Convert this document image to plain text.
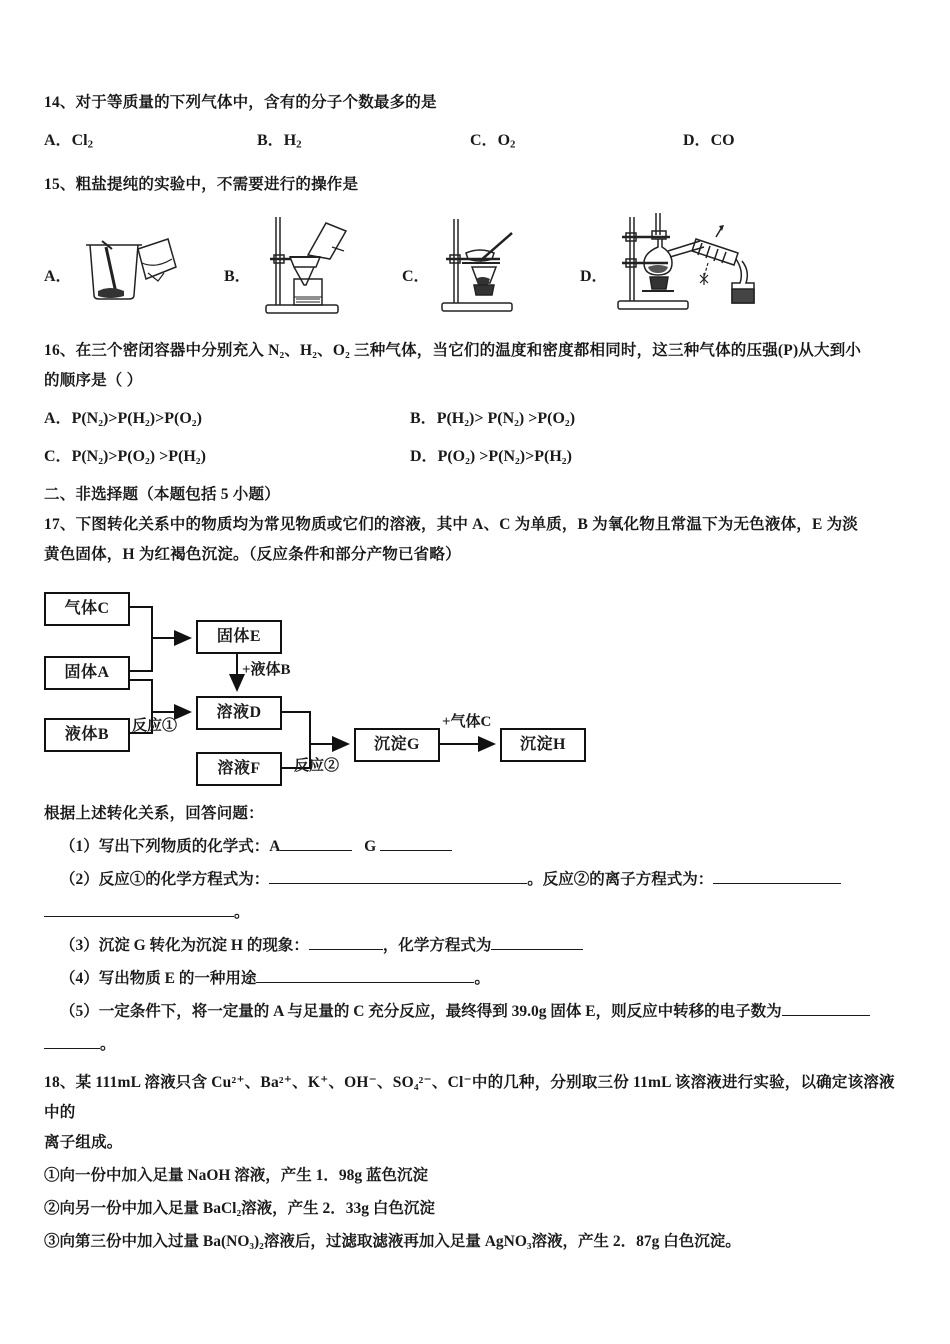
14、对于等质量的下列气体中，含有的分子个数最多的是
A．$Cl_2$	B．$H_2$	C．$O_2$	D．CO
15、粗盐提纯的实验中，不需要进行的操作是
A．	B．	C．	D．
16、在三个密闭容器中分别充入 N₂、H₂、O₂ 三种气体，当它们的温度和密度都相同时，这三种气体的压强(P)从大到小
的顺序是（ ）
A．P(N₂)>P(H₂)>P(O₂)	B．P(H₂)> P(N₂) >P(O₂)
C．P(N₂)>P(O₂) >P(H₂)	D．P(O₂) >P(N₂)>P(H₂)
二、非选择题（本题包括 5 小题）
17、下图转化关系中的物质均为常见物质或它们的溶液，其中 A、C 为单质，B 为氧化物且常温下为无色液体，E 为淡
黄色固体，H 为红褐色沉淀。（反应条件和部分产物已省略）
气体C
固体A
液体B
固体E
溶液D
溶液F
沉淀G	沉淀H
+液体B
反应①
反应②
+气体C
根据上述转化关系，回答问题：
（1）写出下列物质的化学式：A	G
（2）反应①的化学方程式为：	。反应②的离子方程式为：
。
（3）沉淀 G 转化为沉淀 H 的现象：	，化学方程式为
（4）写出物质 E 的一种用途	。
（5）一定条件下，将一定量的 A 与足量的 C 充分反应，最终得到 39.0g 固体 E，则反应中转移的电子数为
。
18、某 111mL 溶液只含 Cu²⁺、Ba²⁺、K⁺、OH⁻、SO₄²⁻、Cl⁻中的几种，分别取三份 11mL 该溶液进行实验，以确定该溶液中的
离子组成。
①向一份中加入足量 NaOH 溶液，产生 1．98g 蓝色沉淀
②向另一份中加入足量 BaCl₂溶液，产生 2．33g 白色沉淀
③向第三份中加入过量 Ba(NO₃)₂溶液后，过滤取滤液再加入足量 AgNO₃溶液，产生 2．87g 白色沉淀。
